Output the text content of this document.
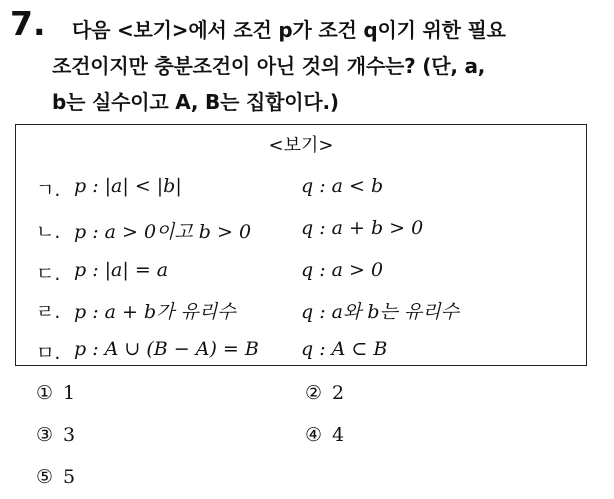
7. 다음 <보기>에서 조건 p가 조건 q이기 위한 필요
조건이지만 충분조건이 아닌 것의 개수는? (단, a,
b는 실수이고 A, B는 집합이다.)
<보기>
ㄱ. p : |a| < |b|	q : a < b
ㄴ. p : a > 0이고 b > 0	q : a + b > 0
ㄷ. p : |a| = a	q : a > 0
ㄹ. p : a + b가 유리수	q : a와 b는 유리수
ㅁ. p : A ∪ (B − A) = B q : A ⊂ B
① 1	② 2
③ 3	④ 4
⑤ 5
